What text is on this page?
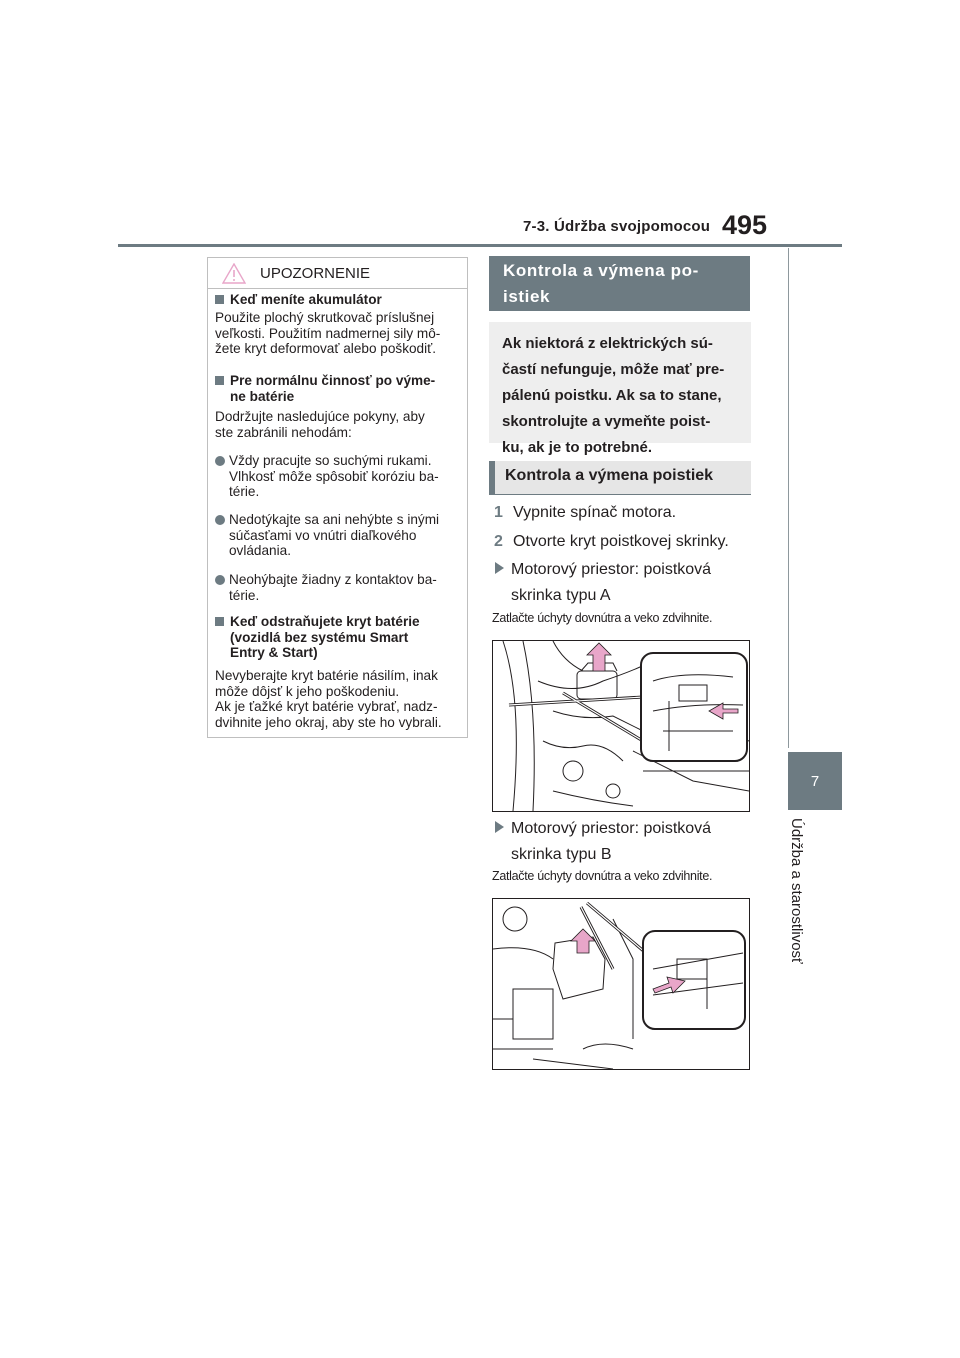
7-3. Údržba svojpomocou 495
7
Údržba a starostlivosť
UPOZORNENIE
Keď meníte akumulátor
Použite plochý skrutkovač príslušnej
veľkosti. Použitím nadmernej sily mô-
žete kryt deformovať alebo poškodiť.
Pre normálnu činnosť po výme-
ne batérie
Dodržujte nasledujúce pokyny, aby
ste zabránili nehodám:
Vždy pracujte so suchými rukami.
Vlhkosť môže spôsobiť koróziu ba-
térie.
Nedotýkajte sa ani nehýbte s inými
súčasťami vo vnútri diaľkového
ovládania.
Neohýbajte žiadny z kontaktov ba-
térie.
Keď odstraňujete kryt batérie
(vozidlá bez systému Smart
Entry & Start)
Nevyberajte kryt batérie násilím, inak
môže dôjsť k jeho poškodeniu.
Ak je ťažké kryt batérie vybrať, nadz-
dvihnite jeho okraj, aby ste ho vybrali.
Kontrola a výmena po-
istiek
Ak niektorá z elektrických sú-
častí nefunguje, môže mať pre-
pálenú poistku. Ak sa to stane,
skontrolujte a vymeňte poist-
ku, ak je to potrebné.
Kontrola a výmena poistiek
1 Vypnite spínač motora.
2 Otvorte kryt poistkovej skrinky.
Motorový priestor: poistková
skrinka typu A
Zatlačte úchyty dovnútra a veko zdvihnite.
Motorový priestor: poistková
skrinka typu B
Zatlačte úchyty dovnútra a veko zdvihnite.
